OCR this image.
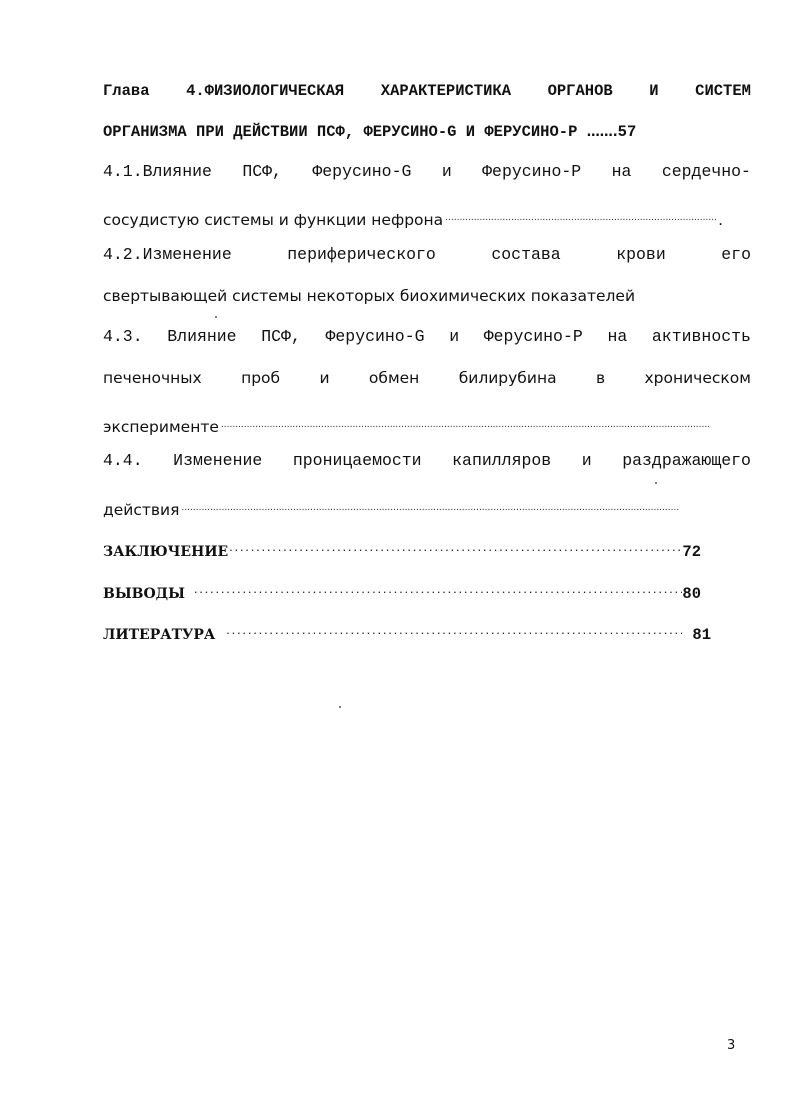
Глава 4.ФИЗИОЛОГИЧЕСКАЯ ХАРАКТЕРИСТИКА ОРГАНОВ И СИСТЕМ
ОРГАНИЗМА ПРИ ДЕЙСТВИИ ПСФ, ФЕРУСИНО-G И ФЕРУСИНО-Р …….57
4.1.Влияние ПСФ, Ферусино-G и Ферусино-Р на сердечно-
сосудистую системы и функции нефрона .....	.
4.2.Изменение	периферического	состава	крови	его
свертывающей системы некоторых биохимических показателей
4.3. Влияние ПСФ, Ферусино-G и Ферусино-Р на активность
печеночных	проб	и	обмен	билирубина	в	хроническом
эксперименте
.....
4.4. Изменение проницаемости капилляров и раздражающего
действия
.....
ЗАКЛЮЧЕНИЕ .....	72
ВЫВОДЫ .....	80
ЛИТЕРАТУРА .....	81
3
